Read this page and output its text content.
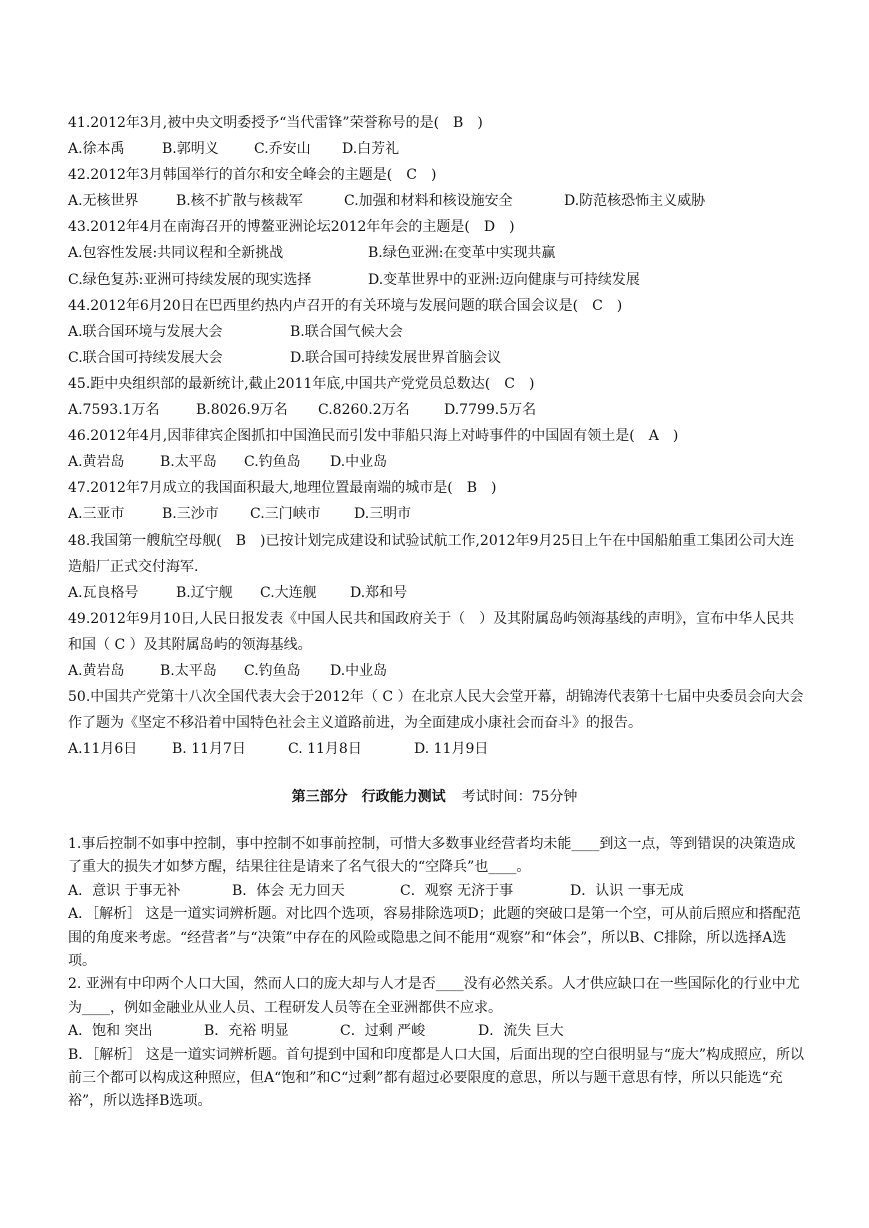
41.2012年3月,被中央文明委授予“当代雷锋”荣誉称号的是(　B　)
A.徐本禹	B.郭明义	C.乔安山 D.白芳礼
42.2012年3月韩国举行的首尔和安全峰会的主题是(　C　)
A.无核世界	B.核不扩散与核裁军	C.加强和材料和核设施安全	D.防范核恐怖主义威胁
43.2012年4月在南海召开的博鳌亚洲论坛2012年年会的主题是(　D　)
A.包容性发展:共同议程和全新挑战	B.绿色亚洲:在变革中实现共赢
C.绿色复苏:亚洲可持续发展的现实选择	D.变革世界中的亚洲:迈向健康与可持续发展
44.2012年6月20日在巴西里约热内卢召开的有关环境与发展问题的联合国会议是(　C　)
A.联合国环境与发展大会	B.联合国气候大会
C.联合国可持续发展大会	D.联合国可持续发展世界首脑会议
45.距中央组织部的最新统计,截止2011年底,中国共产党党员总数达(　C　)
A.7593.1万名	B.8026.9万名 C.8260.2万名 D.7799.5万名
46.2012年4月,因菲律宾企图抓扣中国渔民而引发中菲船只海上对峙事件的中国固有领土是(　A　)
A.黄岩岛	B.太平岛 C.钓鱼岛 D.中业岛
47.2012年7月成立的我国面积最大,地理位置最南端的城市是(　B　)
A.三亚市	B.三沙市 C.三门峡市 D.三明市
48.我国第一艘航空母舰(　B　)已按计划完成建设和试验试航工作,2012年9月25日上午在中国船舶重工集团公司大连造船厂正式交付海军.
A.瓦良格号	B.辽宁舰 C.大连舰 D.郑和号
49.2012年9月10日,人民日报发表《中国人民共和国政府关于（　）及其附属岛屿领海基线的声明》，宣布中华人民共和国（ C ）及其附属岛屿的领海基线。
A.黄岩岛	B.太平岛 C.钓鱼岛 D.中业岛
50.中国共产党第十八次全国代表大会于2012年（ C ）在北京人民大会堂开幕，胡锦涛代表第十七届中央委员会向大会作了题为《坚定不移沿着中国特色社会主义道路前进，为全面建成小康社会而奋斗》的报告。
A.11月6日 B. 11月7日	C. 11月8日	D. 11月9日
第三部分　行政能力测试 考试时间：75分钟
1.事后控制不如事中控制，事中控制不如事前控制，可惜大多数事业经营者均未能____到这一点，等到错误的决策造成了重大的损失才如梦方醒，结果往往是请来了名气很大的“空降兵”也____。
A．意识 于事无补	B．体会 无力回天	C．观察 无济于事	D．认识 一事无成
A．［解析］ 这是一道实词辨析题。对比四个选项，容易排除选项D；此题的突破口是第一个空，可从前后照应和搭配范围的角度来考虑。“经营者”与“决策”中存在的风险或隐患之间不能用“观察”和“体会”，所以B、C排除，所以选择A选项。
2. 亚洲有中印两个人口大国，然而人口的庞大却与人才是否____没有必然关系。人才供应缺口在一些国际化的行业中尤为____，例如金融业从业人员、工程研发人员等在全亚洲都供不应求。
A．饱和 突出	B．充裕 明显	C．过剩 严峻	D．流失 巨大
B．［解析］ 这是一道实词辨析题。首句提到中国和印度都是人口大国，后面出现的空白很明显与“庞大”构成照应，所以前三个都可以构成这种照应，但A“饱和”和C“过剩”都有超过必要限度的意思，所以与题干意思有悖，所以只能选“充裕”，所以选择B选项。
